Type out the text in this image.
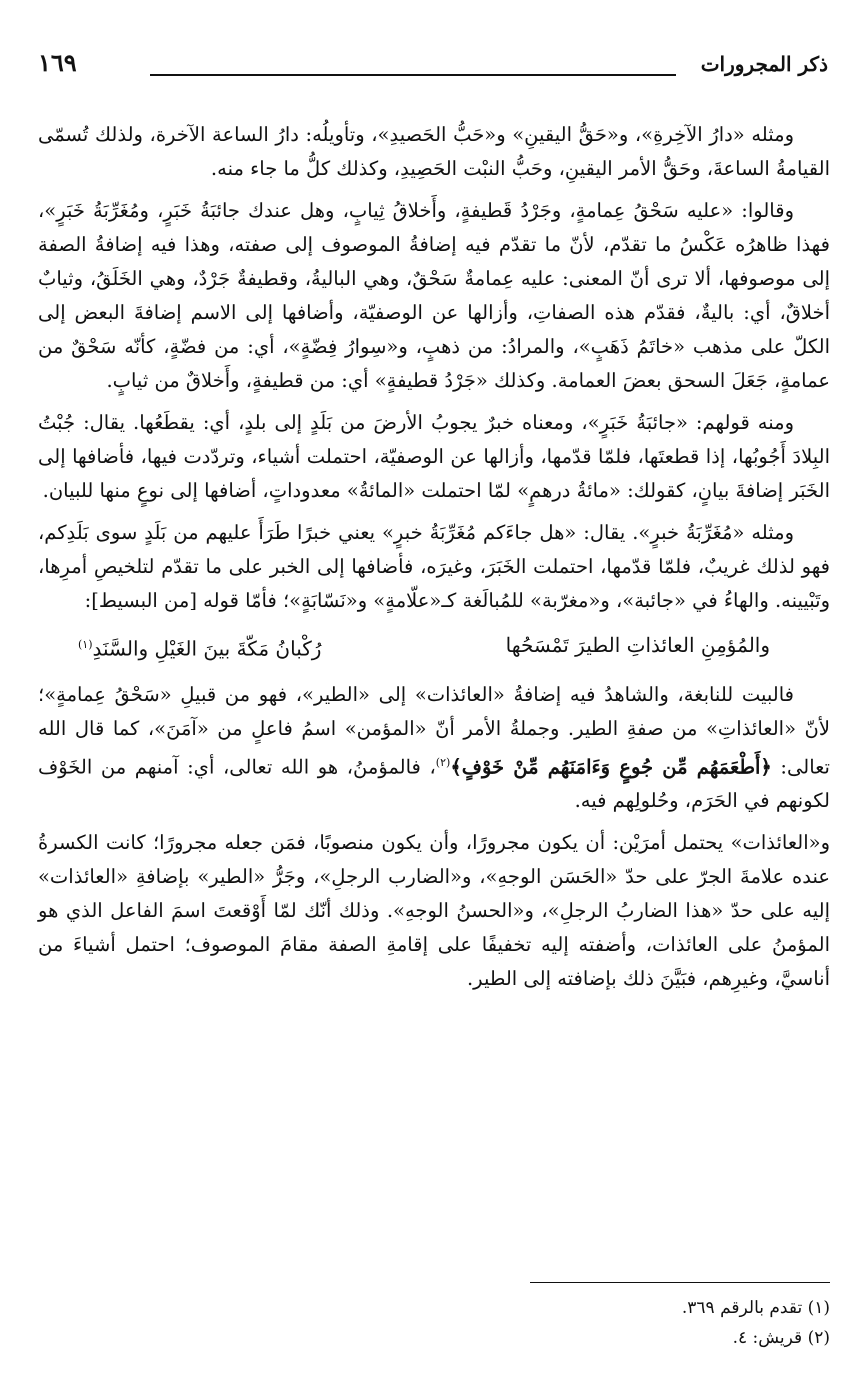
ذكر المجرورات
١٦٩

ومثله «دارُ الآخِرةِ»، و«حَقُّ اليقينِ» و«حَبُّ الحَصيدِ»، وتأويلُه: دارُ الساعة الآخرة، ولذلك تُسمّى القيامةُ الساعةَ، وحَقُّ الأمر اليقينِ، وحَبُّ النبْت الحَصِيدِ، وكذلك كلُّ ما جاء منه.

وقالوا: «عليه سَحْقُ عِمامةٍ، وجَرْدُ قَطيفةٍ، وأَخلاقُ ثِيابٍ، وهل عندك جائبَةُ خَبَرٍ، ومُغَرِّبَةُ خَبَرٍ»، فهذا ظاهرُه عَكْسُ ما تقدّم، لأنّ ما تقدّم فيه إضافةُ الموصوف إلى صفته، وهذا فيه إضافةُ الصفة إلى موصوفها، ألا ترى أنّ المعنى: عليه عِمامةٌ سَحْقٌ، وهي الباليةُ، وقطيفةٌ جَرْدٌ، وهي الخَلَقُ، وثيابٌ أخلاقٌ، أي: باليةٌ، فقدّم هذه الصفاتِ، وأزالها عن الوصفيّة، وأضافها إلى الاسم إضافةَ البعض إلى الكلّ على مذهب «خاتَمُ ذَهَبٍ»، والمرادُ: من ذهبٍ، و«سِوارُ فِضّةٍ»، أي: من فضّةٍ، كأنّه سَحْقٌ من عمامةٍ، جَعَلَ السحق بعضَ العمامة. وكذلك «جَرْدُ قطيفةٍ» أي: من قطيفةٍ، وأَخلاقٌ من ثيابٍ.

ومنه قولهم: «جائبَةُ خَبَرٍ»، ومعناه خبرٌ يجوبُ الأرضَ من بَلَدٍ إلى بلدٍ، أي: يقطَعُها. يقال: جُبْتُ البِلادَ أَجُوبُها، إذا قطعتَها، فلمّا قدّمها، وأزالها عن الوصفيّة، احتملت أشياء، وتردّدت فيها، فأضافها إلى الخَبَر إضافةَ بيانٍ، كقولك: «مائةُ درهمٍ» لمّا احتملت «المائةُ» معدوداتٍ، أضافها إلى نوعٍ منها للبيان.

ومثله «مُغَرِّبَةُ خبرٍ». يقال: «هل جاءَكم مُغَرِّبَةُ خبرٍ» يعني خبرًا طَرَأَ عليهم من بَلَدٍ سوى بَلَدِكم، فهو لذلك غريبٌ، فلمّا قدّمها، احتملت الخَبَرَ، وغيرَه، فأضافها إلى الخبر على ما تقدّم لتلخيصِ أمرِها، وتَبْيينه. والهاءُ في «جائبة»، و«مغرّبة» للمُبالَغة كـ«علّامةٍ» و«نَسّابَةٍ»؛ فأمّا قوله [من البسيط]:

والمُؤمِنِ العائذاتِ الطيرَ تَمْسَحُها
رُكْبانُ مَكّةَ بينَ الغَيْلِ والسَّنَدِ$^{(١)}$

فالبيت للنابغة، والشاهدُ فيه إضافةُ «العائذات» إلى «الطير»، فهو من قبيلِ «سَحْقُ عِمامةٍ»؛ لأنّ «العائذاتِ» من صفةِ الطير. وجملةُ الأمر أنّ «المؤمن» اسمُ فاعلٍ من «آمَنَ»، كما قال الله تعالى: ﴿أَطْعَمَهُم مِّن جُوعٍ وَءَامَنَهُم مِّنْ خَوْفٍ﴾$^{(٢)}$، فالمؤمنُ، هو الله تعالى، أي: آمنهم من الخَوْف لكونهم في الحَرَم، وحُلولِهم فيه.

و«العائذات» يحتمل أمرَيْن: أن يكون مجرورًا، وأن يكون منصوبًا، فمَن جعله مجرورًا؛ كانت الكسرةُ عنده علامةَ الجرّ على حدّ «الحَسَن الوجهِ»، و«الضارب الرجلِ»، وجَرُّ «الطير» بإضافةِ «العائذات» إليه على حدّ «هذا الضاربُ الرجلِ»، و«الحسنُ الوجهِ». وذلك أنّك لمّا أَوْقعتَ اسمَ الفاعل الذي هو المؤمنُ على العائذات، وأضفته إليه تخفيفًا على إقامةِ الصفة مقامَ الموصوف؛ احتمل أشياءَ من أناسيَّ، وغيرِهم، فبَيَّنَ ذلك بإضافته إلى الطير.

(١) تقدم بالرقم ٣٦٩.
(٢) قريش: ٤.
